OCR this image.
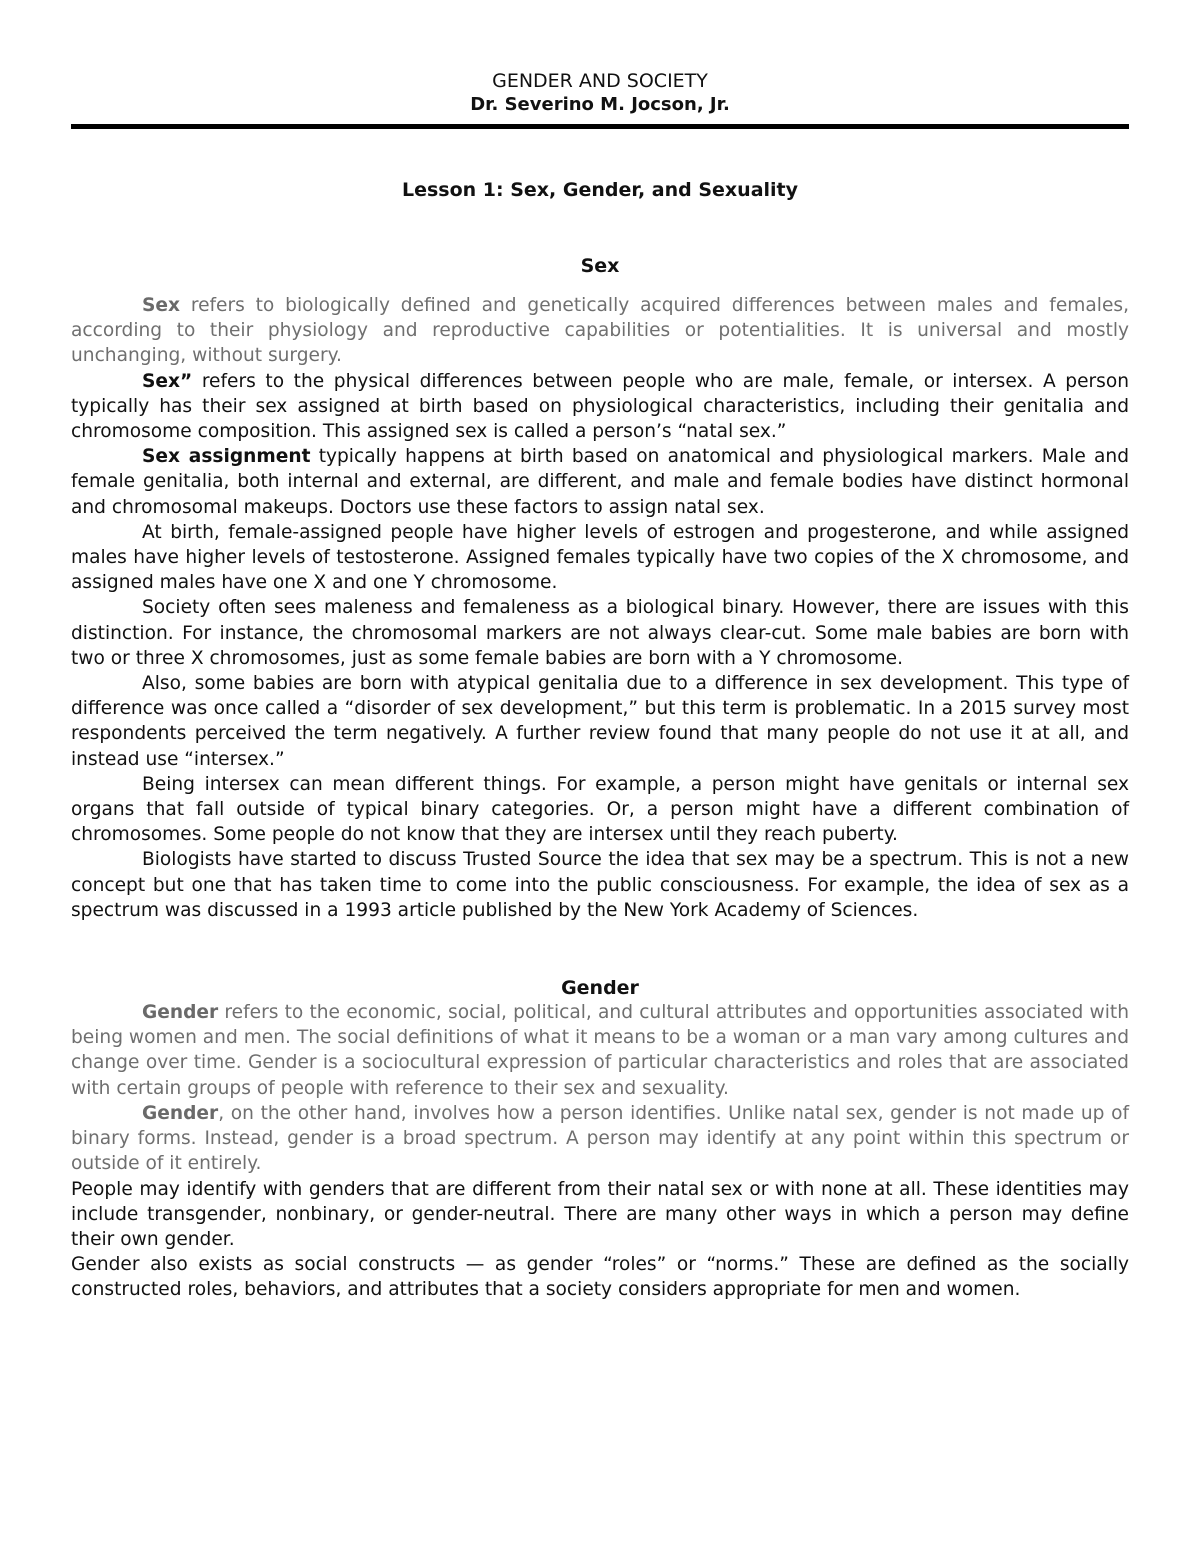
GENDER AND SOCIETY
Dr. Severino M. Jocson, Jr.
Lesson 1: Sex, Gender, and Sexuality
Sex

Sex refers to biologically defined and genetically acquired differences between males and females, according to their physiology and reproductive capabilities or potentialities. It is universal and mostly unchanging, without surgery.

Sex” refers to the physical differences between people who are male, female, or intersex. A person typically has their sex assigned at birth based on physiological characteristics, including their genitalia and chromosome composition. This assigned sex is called a person’s “natal sex.”

Sex assignment typically happens at birth based on anatomical and physiological markers. Male and female genitalia, both internal and external, are different, and male and female bodies have distinct hormonal and chromosomal makeups. Doctors use these factors to assign natal sex.

At birth, female-assigned people have higher levels of estrogen and progesterone, and while assigned males have higher levels of testosterone. Assigned females typically have two copies of the X chromosome, and assigned males have one X and one Y chromosome.

Society often sees maleness and femaleness as a biological binary. However, there are issues with this distinction. For instance, the chromosomal markers are not always clear-cut. Some male babies are born with two or three X chromosomes, just as some female babies are born with a Y chromosome.

Also, some babies are born with atypical genitalia due to a difference in sex development. This type of difference was once called a “disorder of sex development,” but this term is problematic. In a 2015 survey most respondents perceived the term negatively. A further review found that many people do not use it at all, and instead use “intersex.”

Being intersex can mean different things. For example, a person might have genitals or internal sex organs that fall outside of typical binary categories. Or, a person might have a different combination of chromosomes. Some people do not know that they are intersex until they reach puberty.

Biologists have started to discuss Trusted Source the idea that sex may be a spectrum. This is not a new concept but one that has taken time to come into the public consciousness. For example, the idea of sex as a spectrum was discussed in a 1993 article published by the New York Academy of Sciences.

Gender

Gender refers to the economic, social, political, and cultural attributes and opportunities associated with being women and men. The social definitions of what it means to be a woman or a man vary among cultures and change over time. Gender is a sociocultural expression of particular characteristics and roles that are associated with certain groups of people with reference to their sex and sexuality.

Gender, on the other hand, involves how a person identifies. Unlike natal sex, gender is not made up of binary forms. Instead, gender is a broad spectrum. A person may identify at any point within this spectrum or outside of it entirely.

People may identify with genders that are different from their natal sex or with none at all. These identities may include transgender, nonbinary, or gender-neutral. There are many other ways in which a person may define their own gender.

Gender also exists as social constructs — as gender “roles” or “norms.” These are defined as the socially constructed roles, behaviors, and attributes that a society considers appropriate for men and women.
